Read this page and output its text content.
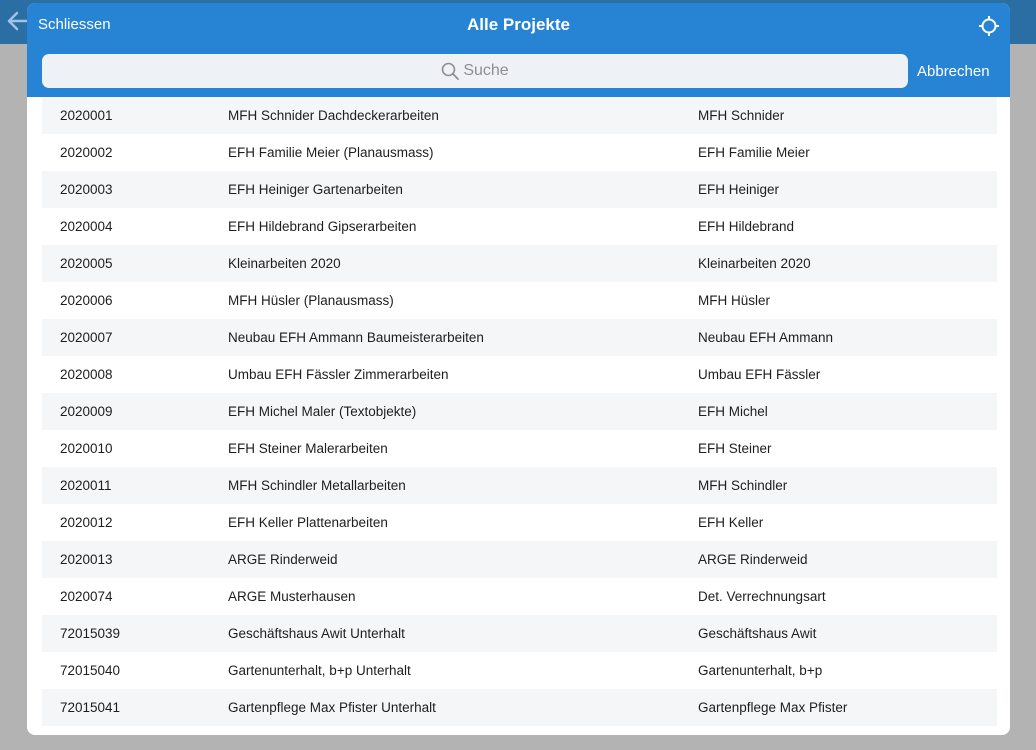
Schliessen	Alle Projekte
Suche	Abbrechen
2020001	MFH Schnider Dachdeckerarbeiten	MFH Schnider
2020002	EFH Familie Meier (Planausmass)	EFH Familie Meier
2020003	EFH Heiniger Gartenarbeiten	EFH Heiniger
2020004	EFH Hildebrand Gipserarbeiten	EFH Hildebrand
2020005	Kleinarbeiten 2020	Kleinarbeiten 2020
2020006	MFH Hüsler (Planausmass)	MFH Hüsler
2020007	Neubau EFH Ammann Baumeisterarbeiten	Neubau EFH Ammann
2020008	Umbau EFH Fässler Zimmerarbeiten	Umbau EFH Fässler
2020009	EFH Michel Maler (Textobjekte)	EFH Michel
2020010	EFH Steiner Malerarbeiten	EFH Steiner
2020011	MFH Schindler Metallarbeiten	MFH Schindler
2020012	EFH Keller Plattenarbeiten	EFH Keller
2020013	ARGE Rinderweid	ARGE Rinderweid
2020074	ARGE Musterhausen	Det. Verrechnungsart
72015039	Geschäftshaus Awit Unterhalt	Geschäftshaus Awit
72015040	Gartenunterhalt, b+p Unterhalt	Gartenunterhalt, b+p
72015041	Gartenpflege Max Pfister Unterhalt	Gartenpflege Max Pfister
